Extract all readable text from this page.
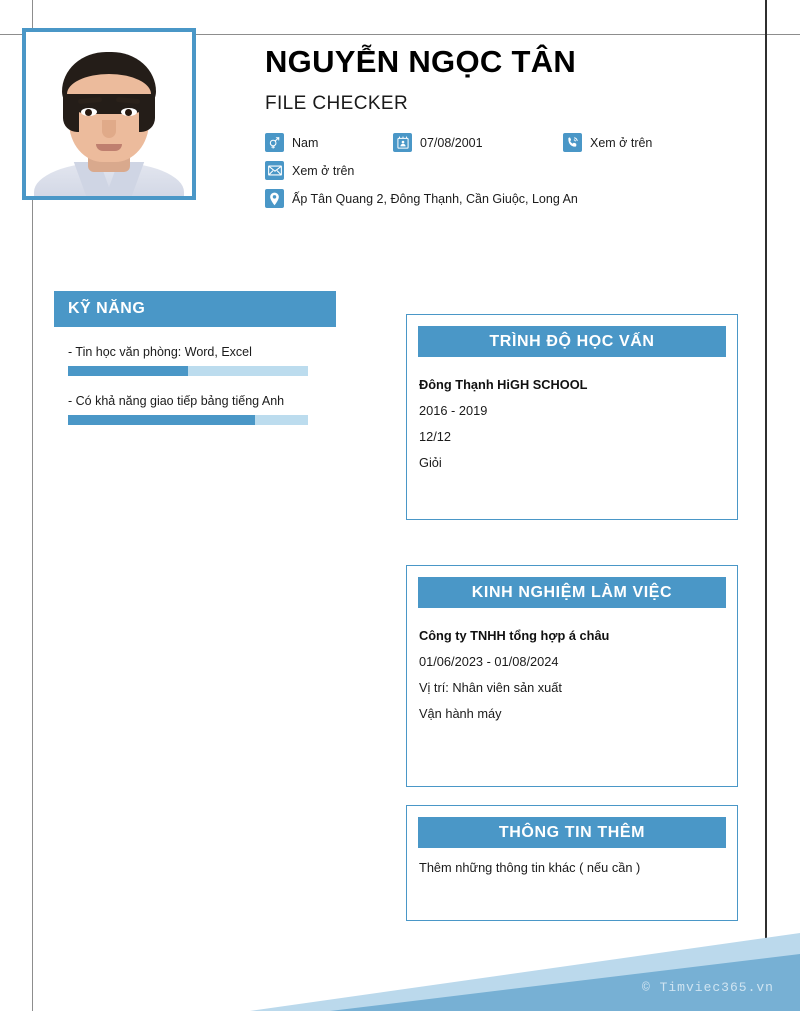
NGUYỄN NGỌC TÂN
FILE CHECKER
Nam	07/08/2001	Xem ở trên
Xem ở trên
Ấp Tân Quang 2, Đông Thạnh, Cần Giuộc, Long An
KỸ NĂNG
- Tin học văn phòng: Word, Excel
- Có khả năng giao tiếp bảng tiếng Anh
TRÌNH ĐỘ HỌC VẤN
Đông Thạnh HiGH SCHOOL
2016 - 2019
12/12
Giỏi
KINH NGHIỆM LÀM VIỆC
Công ty TNHH tổng hợp á châu
01/06/2023 - 01/08/2024
Vị trí: Nhân viên sản xuất
Vận hành máy
THÔNG TIN THÊM
Thêm những thông tin khác ( nếu cần )
© Timviec365.vn
